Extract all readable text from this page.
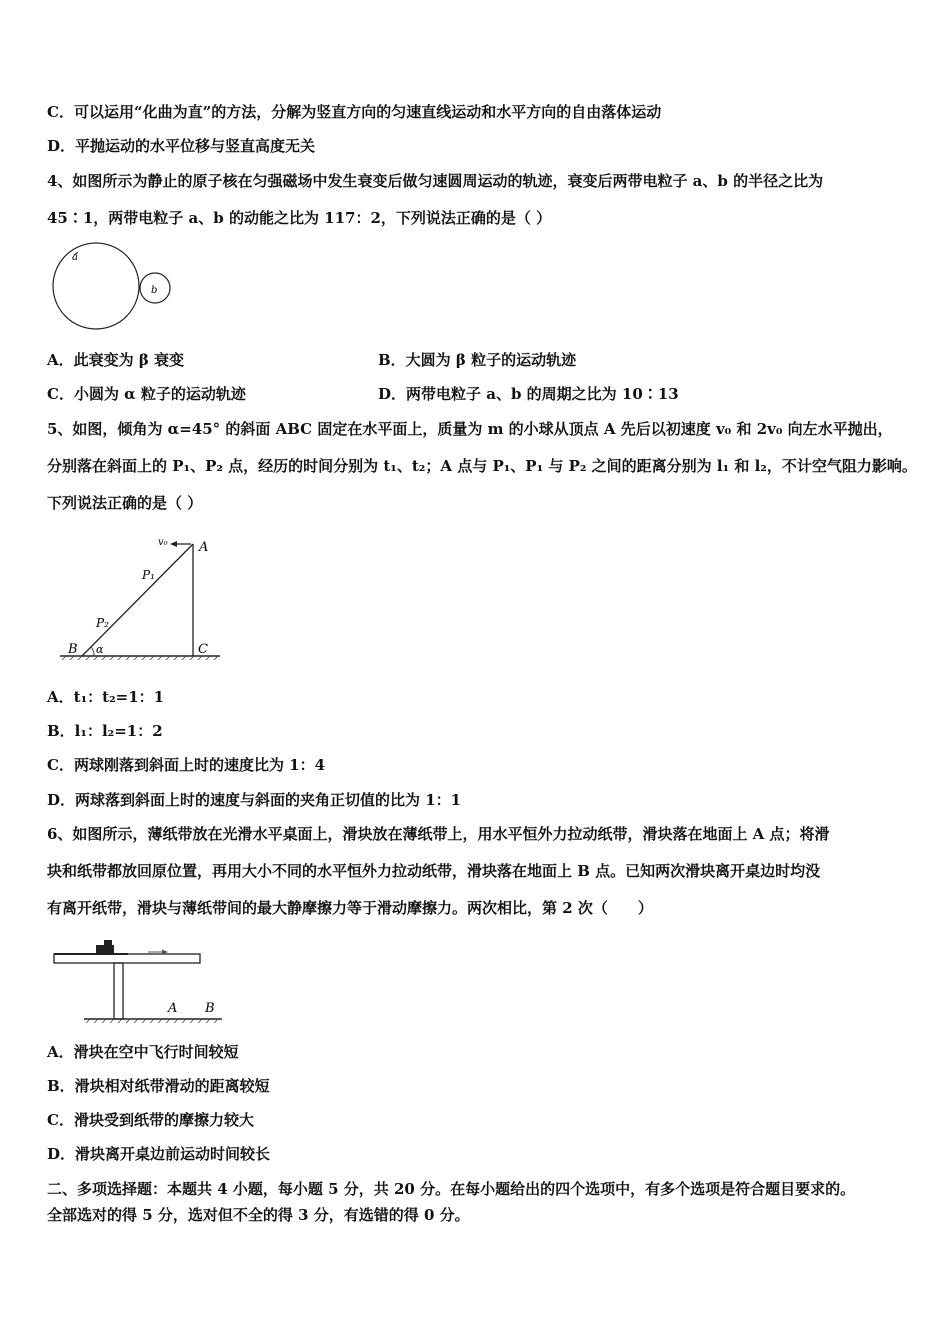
C．可以运用“化曲为直”的方法，分解为竖直方向的匀速直线运动和水平方向的自由落体运动
D．平抛运动的水平位移与竖直高度无关
4、如图所示为静止的原子核在匀强磁场中发生衰变后做匀速圆周运动的轨迹，衰变后两带电粒子 a、b 的半径之比为
45∶1，两带电粒子 a、b 的动能之比为 117：2，下列说法正确的是（ ）
a
b
A．此衰变为 β 衰变	B．大圆为 β 粒子的运动轨迹
C．小圆为 α 粒子的运动轨迹	D．两带电粒子 a、b 的周期之比为 10∶13
5、如图，倾角为 α=45° 的斜面 ABC 固定在水平面上，质量为 m 的小球从顶点 A 先后以初速度 v₀ 和 2v₀ 向左水平抛出，
分别落在斜面上的 P₁、P₂ 点，经历的时间分别为 t₁、t₂；A 点与 P₁、P₁ 与 P₂ 之间的距离分别为 l₁ 和 l₂，不计空气阻力影响。
下列说法正确的是（ ）
v₀ A
P₁
P₂
B α	C
A．t₁：t₂=1：1
B．l₁：l₂=1：2
C．两球刚落到斜面上时的速度比为 1：4
D．两球落到斜面上时的速度与斜面的夹角正切值的比为 1：1
6、如图所示，薄纸带放在光滑水平桌面上，滑块放在薄纸带上，用水平恒外力拉动纸带，滑块落在地面上 A 点；将滑
块和纸带都放回原位置，再用大小不同的水平恒外力拉动纸带，滑块落在地面上 B 点。已知两次滑块离开桌边时均没
有离开纸带，滑块与薄纸带间的最大静摩擦力等于滑动摩擦力。两次相比，第 2 次（　　）
A B
A．滑块在空中飞行时间较短
B．滑块相对纸带滑动的距离较短
C．滑块受到纸带的摩擦力较大
D．滑块离开桌边前运动时间较长
二、多项选择题：本题共 4 小题，每小题 5 分，共 20 分。在每小题给出的四个选项中，有多个选项是符合题目要求的。
全部选对的得 5 分，选对但不全的得 3 分，有选错的得 0 分。
